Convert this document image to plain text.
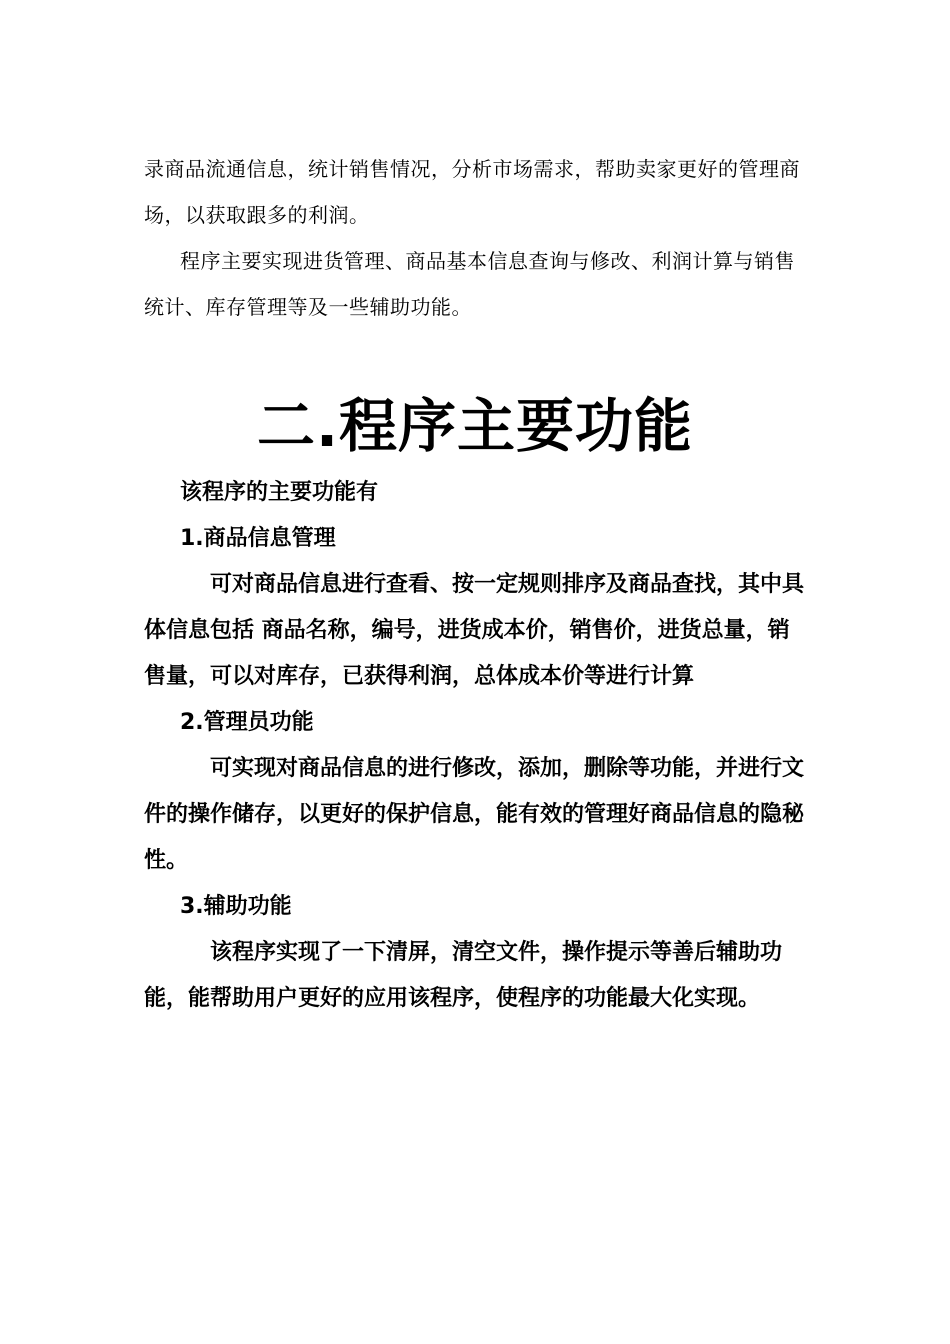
录商品流通信息，统计销售情况，分析市场需求，帮助卖家更好的管理商场，以获取跟多的利润。

程序主要实现进货管理、商品基本信息查询与修改、利润计算与销售统计、库存管理等及一些辅助功能。

二.程序主要功能

该程序的主要功能有

1.商品信息管理

可对商品信息进行查看、按一定规则排序及商品查找，其中具体信息包括 商品名称，编号，进货成本价，销售价，进货总量，销售量，可以对库存，已获得利润，总体成本价等进行计算

2.管理员功能

可实现对商品信息的进行修改，添加，删除等功能，并进行文件的操作储存，以更好的保护信息，能有效的管理好商品信息的隐秘性。

3.辅助功能

该程序实现了一下清屏，清空文件，操作提示等善后辅助功能，能帮助用户更好的应用该程序，使程序的功能最大化实现。
